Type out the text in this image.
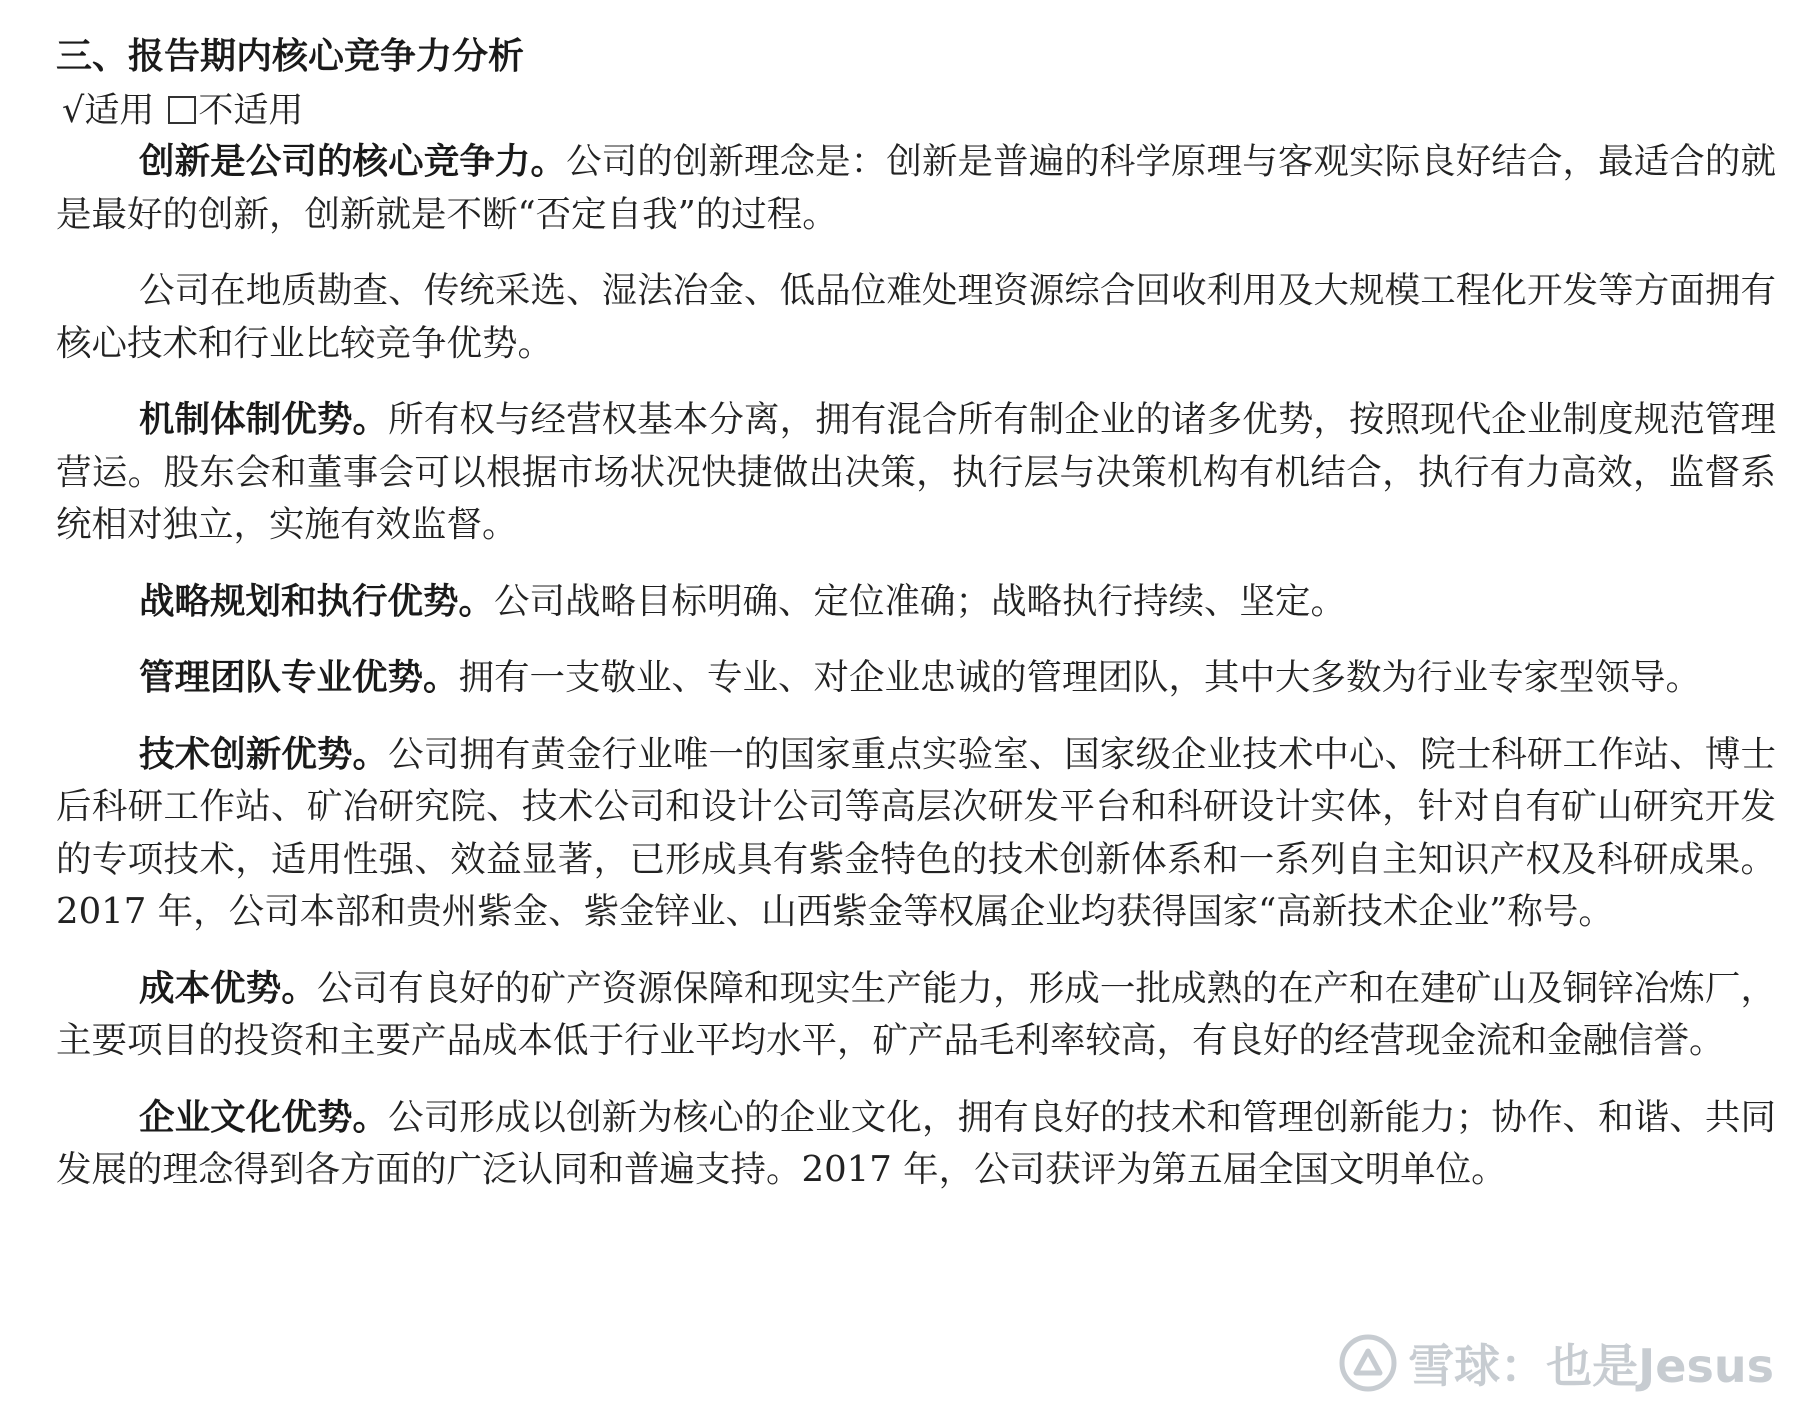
三、报告期内核心竞争力分析
√适用 不适用

创新是公司的核心竞争力。公司的创新理念是：创新是普遍的科学原理与客观实际良好结合，最适合的就是最好的创新，创新就是不断“否定自我”的过程。

公司在地质勘查、传统采选、湿法冶金、低品位难处理资源综合回收利用及大规模工程化开发等方面拥有核心技术和行业比较竞争优势。

机制体制优势。所有权与经营权基本分离，拥有混合所有制企业的诸多优势，按照现代企业制度规范管理营运。股东会和董事会可以根据市场状况快捷做出决策，执行层与决策机构有机结合，执行有力高效，监督系统相对独立，实施有效监督。

战略规划和执行优势。公司战略目标明确、定位准确；战略执行持续、坚定。

管理团队专业优势。拥有一支敬业、专业、对企业忠诚的管理团队，其中大多数为行业专家型领导。

技术创新优势。公司拥有黄金行业唯一的国家重点实验室、国家级企业技术中心、院士科研工作站、博士后科研工作站、矿冶研究院、技术公司和设计公司等高层次研发平台和科研设计实体，针对自有矿山研究开发的专项技术，适用性强、效益显著，已形成具有紫金特色的技术创新体系和一系列自主知识产权及科研成果。2017 年，公司本部和贵州紫金、紫金锌业、山西紫金等权属企业均获得国家“高新技术企业”称号。

成本优势。公司有良好的矿产资源保障和现实生产能力，形成一批成熟的在产和在建矿山及铜锌冶炼厂，主要项目的投资和主要产品成本低于行业平均水平，矿产品毛利率较高，有良好的经营现金流和金融信誉。

企业文化优势。公司形成以创新为核心的企业文化，拥有良好的技术和管理创新能力；协作、和谐、共同发展的理念得到各方面的广泛认同和普遍支持。2017 年，公司获评为第五届全国文明单位。

雪球：也是Jesus
